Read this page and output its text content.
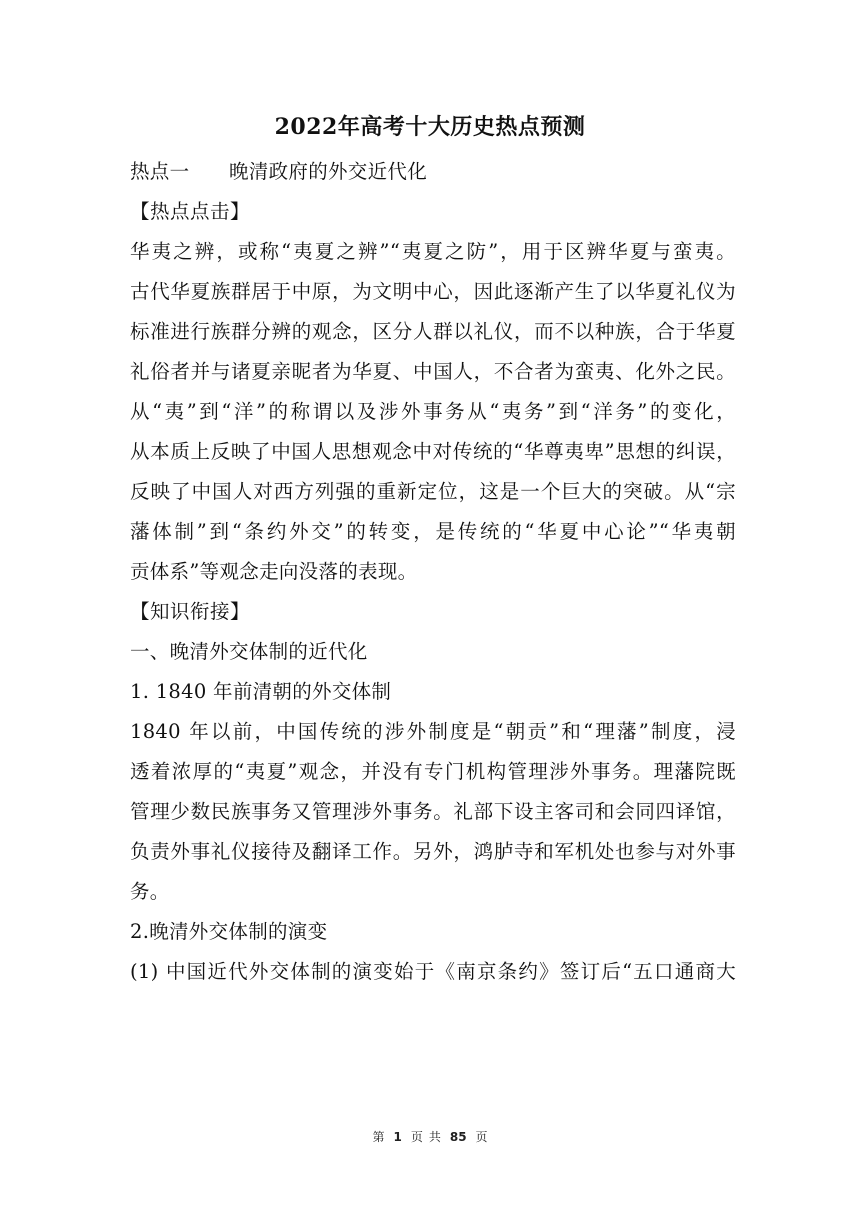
2022年高考十大历史热点预测
热点一　　晚清政府的外交近代化
【热点点击】
华夷之辨，或称“夷夏之辨”“夷夏之防”，用于区辨华夏与蛮夷。
古代华夏族群居于中原，为文明中心，因此逐渐产生了以华夏礼仪为
标准进行族群分辨的观念，区分人群以礼仪，而不以种族，合于华夏
礼俗者并与诸夏亲昵者为华夏、中国人，不合者为蛮夷、化外之民。
从“夷”到“洋”的称谓以及涉外事务从“夷务”到“洋务”的变化，
从本质上反映了中国人思想观念中对传统的“华尊夷卑”思想的纠误，
反映了中国人对西方列强的重新定位，这是一个巨大的突破。从“宗
藩体制”到“条约外交”的转变，是传统的“华夏中心论”“华夷朝
贡体系”等观念走向没落的表现。
【知识衔接】
一、晚清外交体制的近代化
1. 1840 年前清朝的外交体制
1840 年以前，中国传统的涉外制度是“朝贡”和“理藩”制度，浸
透着浓厚的“夷夏”观念，并没有专门机构管理涉外事务。理藩院既
管理少数民族事务又管理涉外事务。礼部下设主客司和会同四译馆，
负责外事礼仪接待及翻译工作。另外，鸿胪寺和军机处也参与对外事
务。
2.晚清外交体制的演变
(1) 中国近代外交体制的演变始于《南京条约》签订后“五口通商大
第 1 页 共 85 页
